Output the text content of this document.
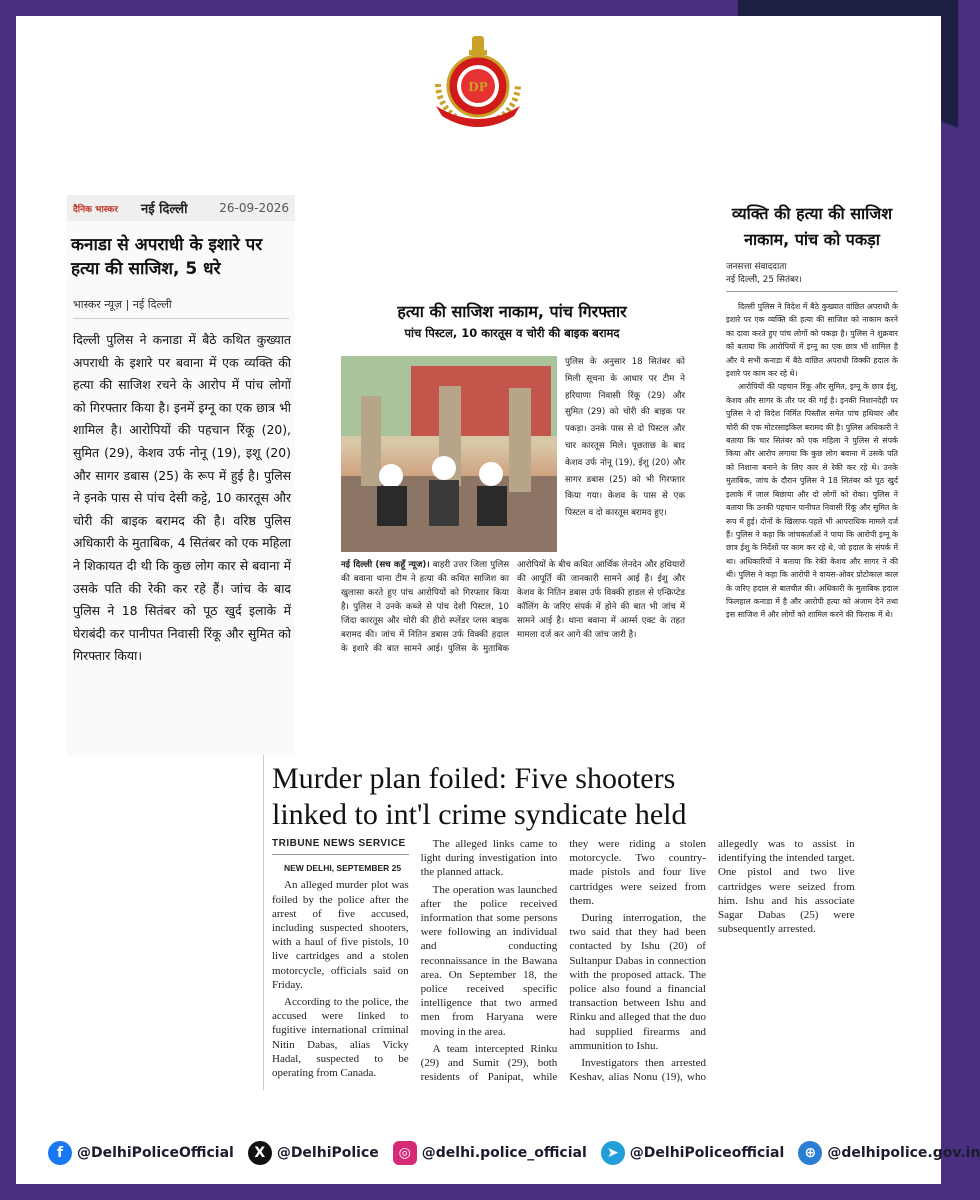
DP
दैनिक भास्कर	नई दिल्ली	26-09-2026
कनाडा से अपराधी के इशारे पर हत्या की साजिश, 5 धरे
भास्कर न्यूज़ | नई दिल्ली
दिल्ली पुलिस ने कनाडा में बैठे कथित कुख्यात अपराधी के इशारे पर बवाना में एक व्यक्ति की हत्या की साजिश रचने के आरोप में पांच लोगों को गिरफ्तार किया है। इनमें इग्नू का एक छात्र भी शामिल है। आरोपियों की पहचान रिंकू (20), सुमित (29), केशव उर्फ नोनू (19), इशू (20) और सागर डबास (25) के रूप में हुई है। पुलिस ने इनके पास से पांच देसी कट्टे, 10 कारतूस और चोरी की बाइक बरामद की है। वरिष्ठ पुलिस अधिकारी के मुताबिक, 4 सितंबर को एक महिला ने शिकायत दी थी कि कुछ लोग कार से बवाना में उसके पति की रेकी कर रहे हैं। जांच के बाद पुलिस ने 18 सितंबर को पूठ खुर्द इलाके में घेराबंदी कर पानीपत निवासी रिंकू और सुमित को गिरफ्तार किया।
हत्या की साजिश नाकाम, पांच गिरफ्तार
पांच पिस्टल, 10 कारतूस व चोरी की बाइक बरामद
पुलिस के अनुसार 18 सितंबर को मिली सूचना के आधार पर टीम ने हरियाणा निवासी रिंकू (29) और सुमित (29) को चोरी की बाइक पर पकड़ा। उनके पास से दो पिस्टल और चार कारतूस मिले। पूछताछ के बाद केशव उर्फ नोनू (19), ईशु (20) और सागर डबास (25) को भी गिरफ्तार किया गया। केशव के पास से एक पिस्टल व दो कारतूस बरामद हुए।
नई दिल्ली (सच कहूँ न्यूज)। बाहरी उत्तर जिला पुलिस की बवाना थाना टीम ने हत्या की कथित साजिश का खुलासा करते हुए पांच आरोपियों को गिरफ्तार किया है। पुलिस ने उनके कब्जे से पांच देशी पिस्टल, 10 जिंदा कारतूस और चोरी की हीरो स्प्लेंडर प्लस बाइक बरामद की। जांच में नितिन डबास उर्फ विक्की हदाल के इशारे की बात सामने आई। पुलिस के मुताबिक आरोपियों के बीच कथित आर्थिक लेनदेन और हथियारों की आपूर्ति की जानकारी सामने आई है। ईशु और केशव के नितिन डबास उर्फ विक्की हाडल से एन्क्रिप्टेड कॉलिंग के जरिए संपर्क में होने की बात भी जांच में सामने आई है। थाना बवाना में आर्म्स एक्ट के तहत मामला दर्ज कर आगे की जांच जारी है।
व्यक्ति की हत्या की साजिश नाकाम, पांच को पकड़ा
जनसत्ता संवाददाता
नई दिल्ली, 25 सितंबर।

दिल्ली पुलिस ने विदेश में बैठे कुख्यात वांछित अपराधी के इशारे पर एक व्यक्ति की हत्या की साजिश को नाकाम करने का दावा करते हुए पांच लोगों को पकड़ा है। पुलिस ने शुक्रवार को बताया कि आरोपियों में इग्नू का एक छात्र भी शामिल है और ये सभी कनाडा में बैठे वांछित अपराधी विक्की हदाल के इशारे पर काम कर रहे थे।

आरोपियों की पहचान रिंकू और सुमित, इग्नू के छात्र ईशु, केशव और सागर के तौर पर की गई है। इनकी निशानदेही पर पुलिस ने दो विदेश निर्मित पिस्तौल समेत पांच हथियार और चोरी की एक मोटरसाइकिल बरामद की है। पुलिस अधिकारी ने बताया कि चार सितंबर को एक महिला ने पुलिस से संपर्क किया और आरोप लगाया कि कुछ लोग बवाना में उसके पति को निशाना बनाने के लिए कार से रेकी कर रहे थे। उनके मुताबिक, जांच के दौरान पुलिस ने 18 सितंबर को पूठ खुर्द इलाके में जाल बिछाया और दो लोगों को रोका। पुलिस ने बताया कि उनकी पहचान पानीपत निवासी रिंकू और सुमित के रूप में हुई। दोनों के खिलाफ पहले भी आपराधिक मामले दर्ज हैं। पुलिस ने कहा कि जांचकर्ताओं ने पाया कि आरोपी इग्नू के छात्र ईशु के निर्देशों पर काम कर रहे थे, जो हदाल के संपर्क में था। अधिकारियों ने बताया कि रेकी केशव और सागर ने की थी। पुलिस ने कहा कि आरोपी ने वायस-ओवर प्रोटोकाल काल के जरिए हदाल से बातचीत की। अधिकारी के मुताबिक हदाल फिलहाल कनाडा में है और आरोपी हत्या को अंजाम देने तथा इस साजिश में और लोगों को शामिल करने की फिराक में थे।

Murder plan foiled: Five shooters linked to int'l crime syndicate held
TRIBUNE NEWS SERVICE

NEW DELHI, SEPTEMBER 25

An alleged murder plot was foiled by the police after the arrest of five accused, including suspected shooters, with a haul of five pistols, 10 live cartridges and a stolen motorcycle, officials said on Friday.

According to the police, the accused were linked to fugitive international criminal Nitin Dabas, alias Vicky Hadal, suspected to be operating from Canada.

The alleged links came to light during investigation into the planned attack.

The operation was launched after the police received information that some persons were following an individual and conducting reconnaissance in the Bawana area. On September 18, the police received specific intelligence that two armed men from Haryana were moving in the area.

A team intercepted Rinku (29) and Sumit (29), both residents of Panipat, while they were riding a stolen motorcycle. Two country-made pistols and four live cartridges were seized from them.

During interrogation, the two said that they had been contacted by Ishu (20) of Sultanpur Dabas in connection with the proposed attack. The police also found a financial transaction between Ishu and Rinku and alleged that the duo had supplied firearms and ammunition to Ishu.

Investigators then arrested Keshav, alias Nonu (19), who allegedly was to assist in identifying the intended target. One pistol and two live cartridges were seized from him. Ishu and his associate Sagar Dabas (25) were subsequently arrested.

f @DelhiPoliceOfficial	X @DelhiPolice	◎ @delhi.police_official	➤ @DelhiPoliceofficial	⊕ @delhipolice.gov.in
